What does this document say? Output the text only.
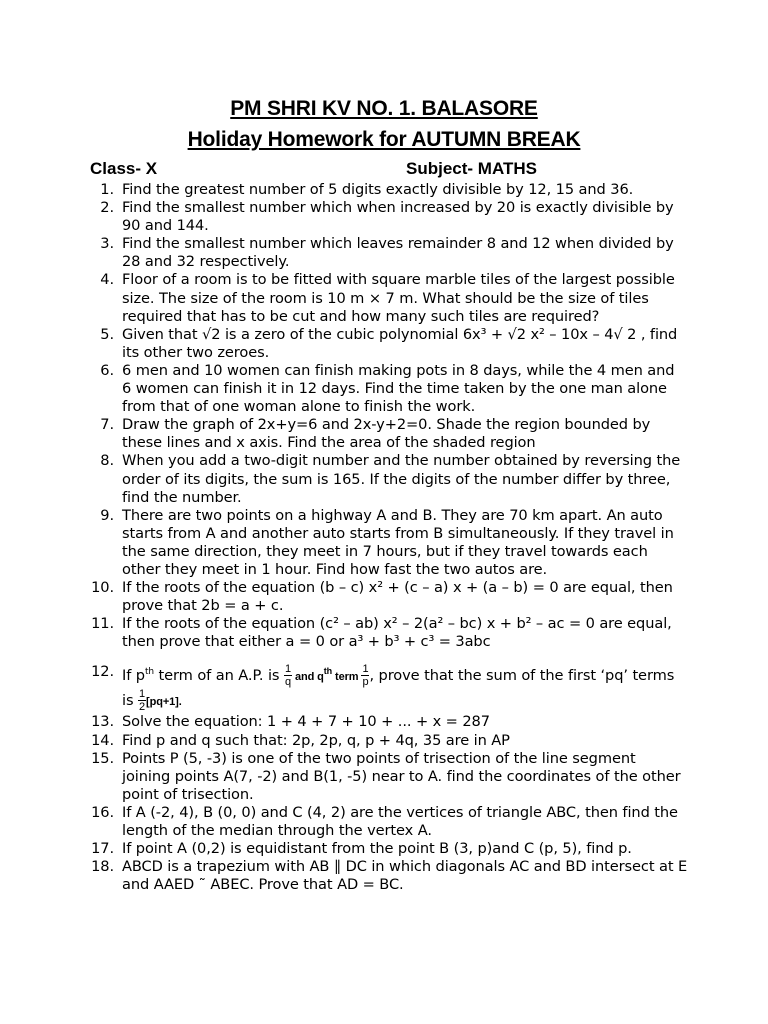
PM SHRI KV NO. 1. BALASORE
Holiday Homework for AUTUMN BREAK
Class- X	Subject- MATHS
1. Find the greatest number of 5 digits exactly divisible by 12, 15 and 36.
2. Find the smallest number which when increased by 20 is exactly divisible by 90 and 144.
3. Find the smallest number which leaves remainder 8 and 12 when divided by 28 and 32 respectively.
4. Floor of a room is to be fitted with square marble tiles of the largest possible size. The size of the room is 10 m × 7 m. What should be the size of tiles required that has to be cut and how many such tiles are required?
5. Given that √2 is a zero of the cubic polynomial 6x³ + √2 x² – 10x – 4√ 2 , find its other two zeroes.
6. 6 men and 10 women can finish making pots in 8 days, while the 4 men and 6 women can finish it in 12 days. Find the time taken by the one man alone from that of one woman alone to finish the work.
7. Draw the graph of 2x+y=6 and 2x-y+2=0. Shade the region bounded by these lines and x axis. Find the area of the shaded region
8. When you add a two-digit number and the number obtained by reversing the order of its digits, the sum is 165. If the digits of the number differ by three, find the number.
9. There are two points on a highway A and B. They are 70 km apart. An auto starts from A and another auto starts from B simultaneously. If they travel in the same direction, they meet in 7 hours, but if they travel towards each other they meet in 1 hour. Find how fast the two autos are.
10. If the roots of the equation (b – c) x² + (c – a) x + (a – b) = 0 are equal, then prove that 2b = a + c.
11. If the roots of the equation (c² – ab) x² – 2(a² – bc) x + b² – ac = 0 are equal, then prove that either a = 0 or a³ + b³ + c³ = 3abc
12. If $p^{th}$ term of an A.P. is $\frac{1}{q}$ and $q^{th}$ term $\frac{1}{p}$ , prove that the sum of the first ‘pq’ terms is $\frac{1}{2} [pq+1]$.
13. Solve the equation: 1 + 4 + 7 + 10 + ... + x = 287
14. Find p and q such that: 2p, 2p, q, p + 4q, 35 are in AP
15. Points P (5, -3) is one of the two points of trisection of the line segment joining points A(7, -2) and B(1, -5) near to A. find the coordinates of the other point of trisection.
16. If A (-2, 4), B (0, 0) and C (4, 2) are the vertices of triangle ABC, then find the length of the median through the vertex A.
17. If point A (0,2) is equidistant from the point B (3, p)and C (p, 5), find p.
18. ABCD is a trapezium with AB ∥ DC in which diagonals AC and BD intersect at E and AAED ˜ ABEC. Prove that AD = BC.
